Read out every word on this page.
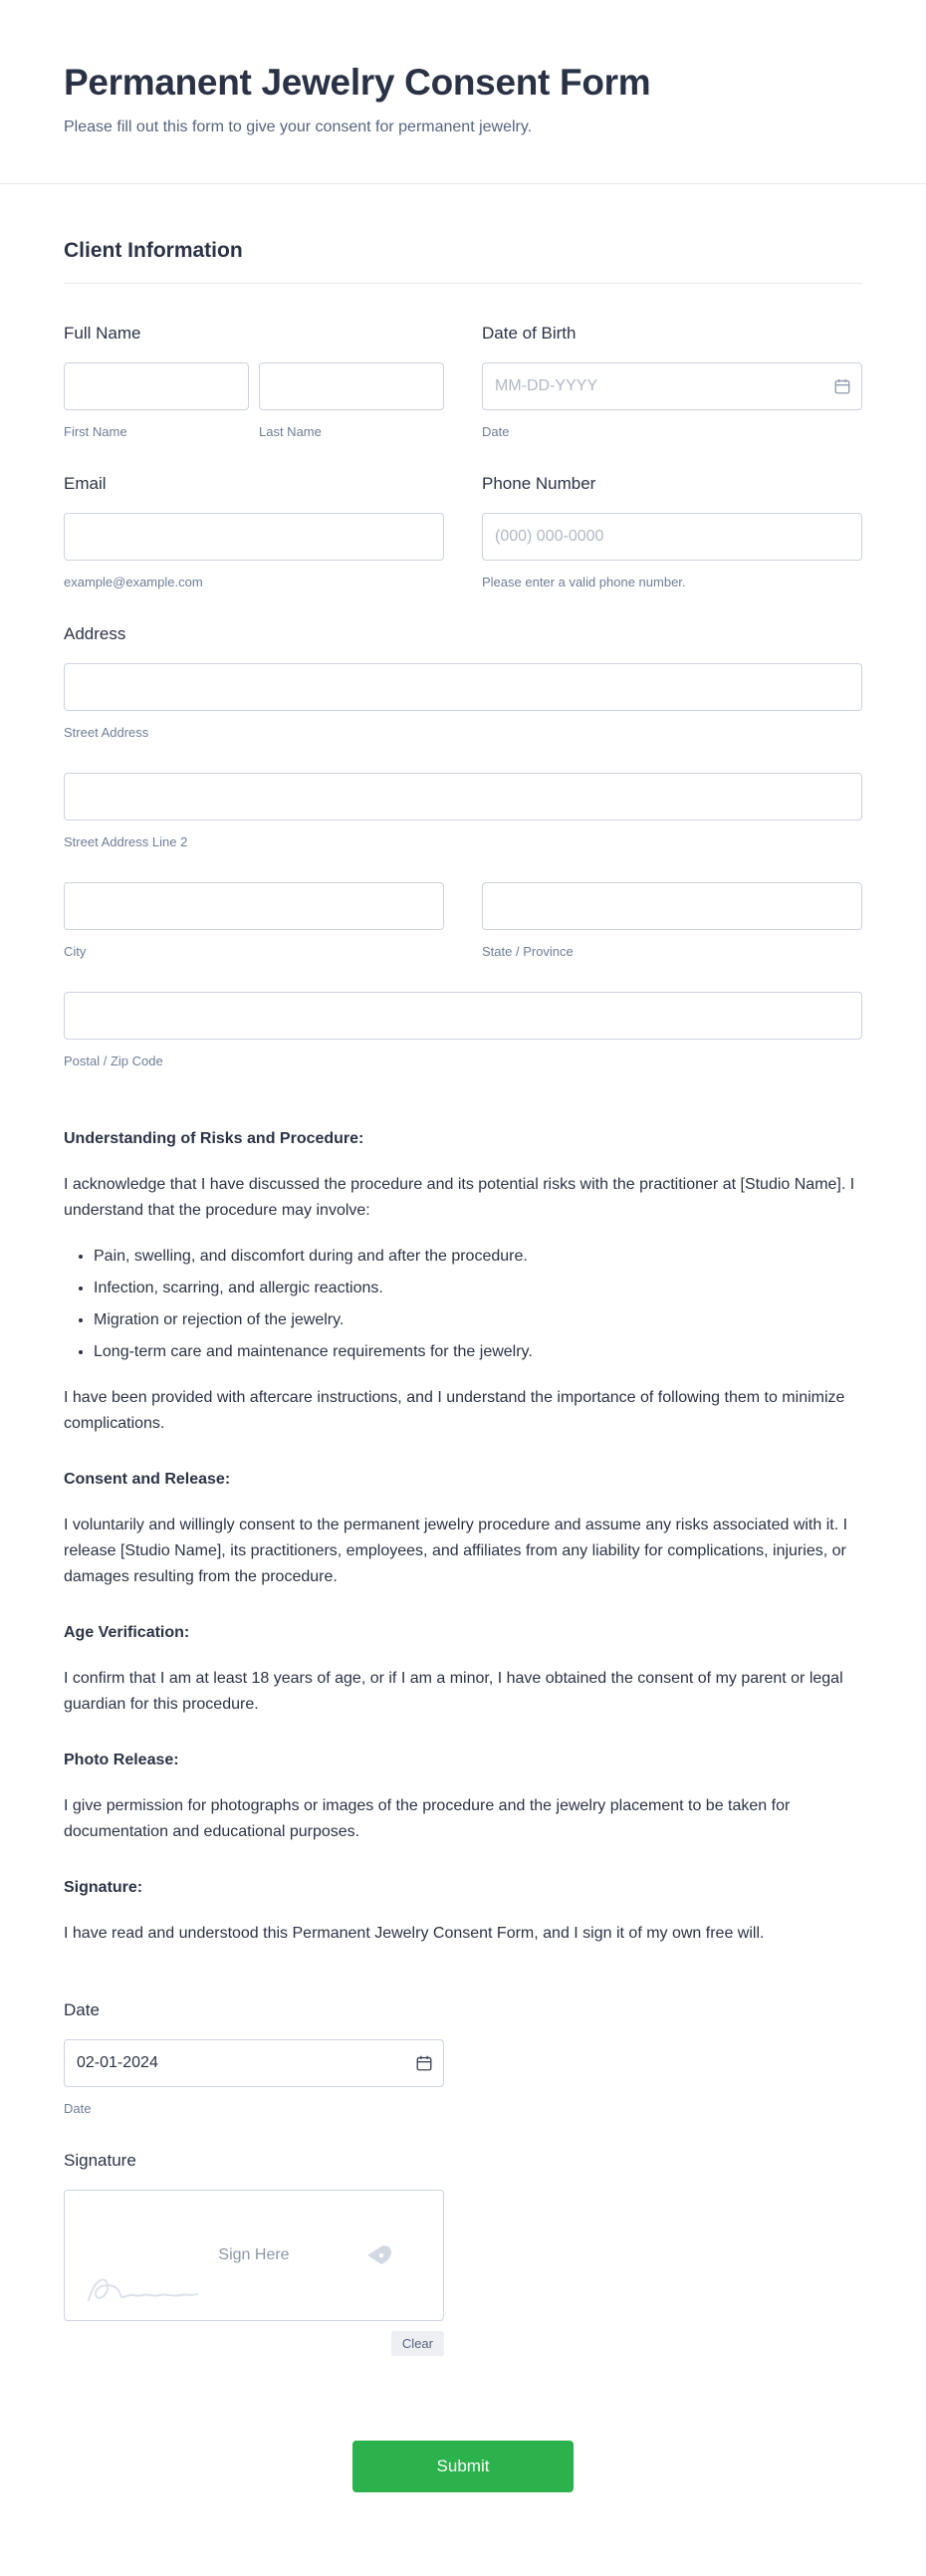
Permanent Jewelry Consent Form

Please fill out this form to give your consent for permanent jewelry.

Client Information
Full Name
First Name	Last Name
Date of Birth
MM-DD-YYYY
Date
Email
example@example.com
Phone Number
(000) 000-0000
Please enter a valid phone number.
Address
Street Address
Street Address Line 2
City	State / Province
Postal / Zip Code

Understanding of Risks and Procedure:

I acknowledge that I have discussed the procedure and its potential risks with the practitioner at [Studio Name]. I understand that the procedure may involve:

• Pain, swelling, and discomfort during and after the procedure.
• Infection, scarring, and allergic reactions.
• Migration or rejection of the jewelry.
• Long-term care and maintenance requirements for the jewelry.

I have been provided with aftercare instructions, and I understand the importance of following them to minimize complications.

Consent and Release:

I voluntarily and willingly consent to the permanent jewelry procedure and assume any risks associated with it. I release [Studio Name], its practitioners, employees, and affiliates from any liability for complications, injuries, or damages resulting from the procedure.

Age Verification:

I confirm that I am at least 18 years of age, or if I am a minor, I have obtained the consent of my parent or legal guardian for this procedure.

Photo Release:

I give permission for photographs or images of the procedure and the jewelry placement to be taken for documentation and educational purposes.

Signature:

I have read and understood this Permanent Jewelry Consent Form, and I sign it of my own free will.

Date
02-01-2024
Date
Signature
Sign Here
Clear
Submit
